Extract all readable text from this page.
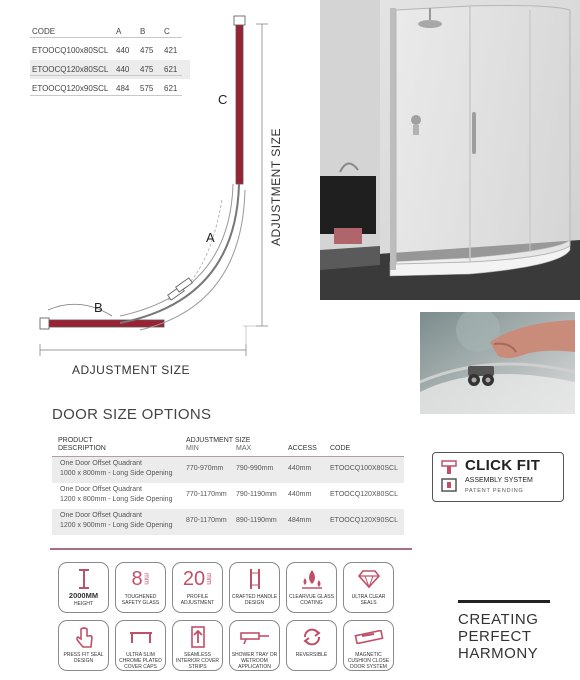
CODE	A	B	C
ETOOCQ100x80SCL 440	475	421
ETOOCQ120x80SCL 440	475	621
ETOOCQ120x90SCL 484	575	621
C
A
B
ADJUSTMENT SIZE
ADJUSTMENT SIZE
DOOR SIZE OPTIONS
PRODUCT
DESCRIPTION
ADJUSTMENT SIZE
MIN	MAX	ACCESS CODE
One Door Offset Quadrant
1000 x 800mm - Long Side Opening
770-970mm 790-990mm 440mm	ETOOCQ100X80SCL
One Door Offset Quadrant
1200 x 800mm - Long Side Opening
770-1170mm 790-1190mm 440mm	ETOOCQ120X80SCL
One Door Offset Quadrant
1200 x 900mm - Long Side Opening
870-1170mm 890-1190mm 484mm	ETOOCQ120X90SCL
CLICK FIT
ASSEMBLY SYSTEM
PATENT PENDING
2000MM
HEIGHT
8 mm
TOUGHENED SAFETY GLASS
20 mm
PROFILE ADJUSTMENT
CRAFTED HANDLE DESIGN
CLEARVUE GLASS COATING
ULTRA CLEAR SEALS
PRESS FIT SEAL DESIGN
ULTRA SLIM CHROME PLATED COVER CAPS
SEAMLESS INTERIOR COVER STRIPS
SHOWER TRAY OR WETROOM APPLICATION
REVERSIBLE	MAGNETIC CUSHION CLOSE DOOR SYSTEM
CREATING
PERFECT
HARMONY
